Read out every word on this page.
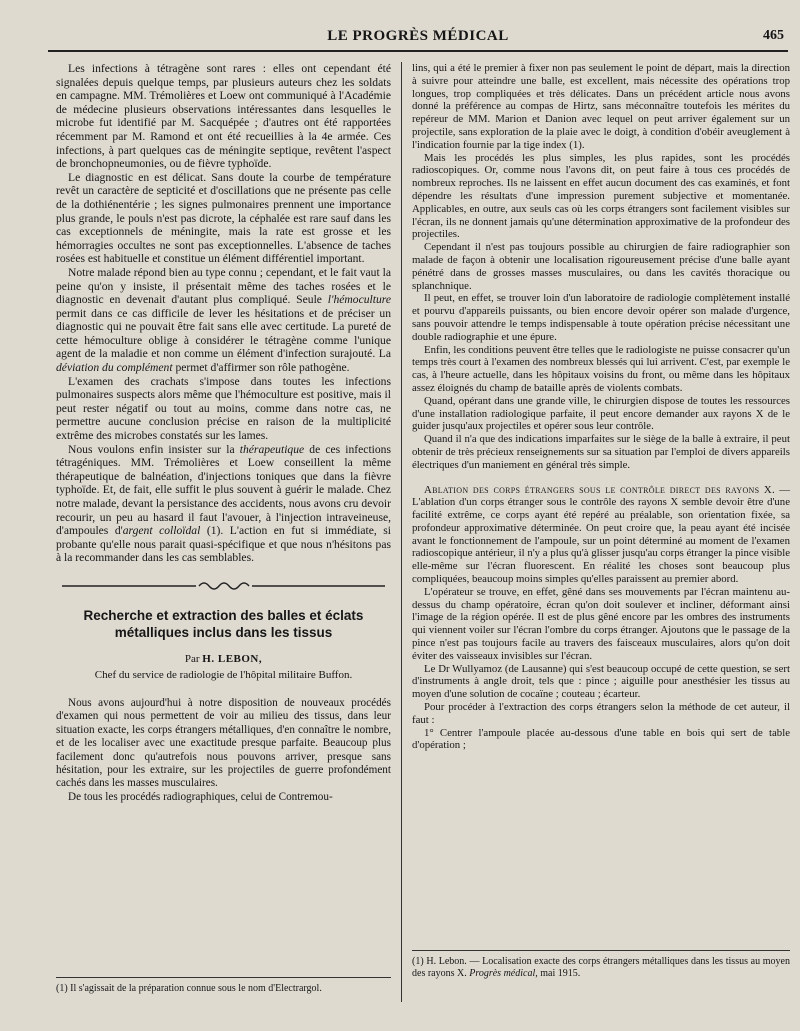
LE PROGRÈS MÉDICAL	465

Les infections à tétragène sont rares : elles ont cependant été signalées depuis quelque temps, par plusieurs auteurs chez les soldats en campagne. MM. Trémolières et Loew ont communiqué à l'Académie de médecine plusieurs observations intéressantes dans lesquelles le microbe fut identifié par M. Sacquépée ; d'autres ont été rapportées récemment par M. Ramond et ont été recueillies à la 4e armée. Ces infections, à part quelques cas de méningite septique, revêtent l'aspect de bronchopneumonies, ou de fièvre typhoïde.

Le diagnostic en est délicat. Sans doute la courbe de température revêt un caractère de septicité et d'oscillations que ne présente pas celle de la dothiénentérie ; les signes pulmonaires prennent une importance plus grande, le pouls n'est pas dicrote, la céphalée est rare sauf dans les cas exceptionnels de méningite, mais la rate est grosse et les hémorragies occultes ne sont pas exceptionnelles. L'absence de taches rosées est habituelle et constitue un élément différentiel important.

Notre malade répond bien au type connu ; cependant, et le fait vaut la peine qu'on y insiste, il présentait même des taches rosées et le diagnostic en devenait d'autant plus compliqué. Seule l'hémoculture permit dans ce cas difficile de lever les hésitations et de préciser un diagnostic qui ne pouvait être fait sans elle avec certitude. La pureté de cette hémoculture oblige à considérer le tétragène comme l'unique agent de la maladie et non comme un élément d'infection surajouté. La déviation du complément permet d'affirmer son rôle pathogène.

L'examen des crachats s'impose dans toutes les infections pulmonaires suspects alors même que l'hémoculture est positive, mais il peut rester négatif ou tout au moins, comme dans notre cas, ne permettre aucune conclusion précise en raison de la multiplicité extrême des microbes constatés sur les lames.

Nous voulons enfin insister sur la thérapeutique de ces infections tétragéniques. MM. Trémolières et Loew conseillent la même thérapeutique de balnéation, d'injections toniques que dans la fièvre typhoïde. Et, de fait, elle suffit le plus souvent à guérir le malade. Chez notre malade, devant la persistance des accidents, nous avons cru devoir recourir, un peu au hasard il faut l'avouer, à l'injection intraveineuse, d'ampoules d'argent colloïdal (1). L'action en fut si immédiate, si probante qu'elle nous parait quasi-spécifique et que nous n'hésitons pas à la recommander dans les cas semblables.

Recherche et extraction des balles et éclats
métalliques inclus dans les tissus
Par H. LEBON,
Chef du service de radiologie de l'hôpital militaire Buffon.

Nous avons aujourd'hui à notre disposition de nouveaux procédés d'examen qui nous permettent de voir au milieu des tissus, dans leur situation exacte, les corps étrangers métalliques, d'en connaître le nombre, et de les localiser avec une exactitude presque parfaite. Beaucoup plus facilement donc qu'autrefois nous pouvons arriver, presque sans hésitation, pour les extraire, sur les projectiles de guerre profondément cachés dans les masses musculaires.

De tous les procédés radiographiques, celui de Contremou-

(1) Il s'agissait de la préparation connue sous le nom d'Electrargol.

lins, qui a été le premier à fixer non pas seulement le point de départ, mais la direction à suivre pour atteindre une balle, est excellent, mais nécessite des opérations trop longues, trop compliquées et très délicates. Dans un précédent article nous avons donné la préférence au compas de Hirtz, sans méconnaître toutefois les mérites du repéreur de MM. Marion et Danion avec lequel on peut arriver également sur un projectile, sans exploration de la plaie avec le doigt, à condition d'obéir aveuglement à l'indication fournie par la tige index (1).

Mais les procédés les plus simples, les plus rapides, sont les procédés radioscopiques. Or, comme nous l'avons dit, on peut faire à tous ces procédés de nombreux reproches. Ils ne laissent en effet aucun document des cas examinés, et font dépendre les résultats d'une impression purement subjective et momentanée. Applicables, en outre, aux seuls cas où les corps étrangers sont facilement visibles sur l'écran, ils ne donnent jamais qu'une détermination approximative de la profondeur des projectiles.

Cependant il n'est pas toujours possible au chirurgien de faire radiographier son malade de façon à obtenir une localisation rigoureusement précise d'une balle ayant pénétré dans de grosses masses musculaires, ou dans les cavités thoracique ou splanchnique.

Il peut, en effet, se trouver loin d'un laboratoire de radiologie complètement installé et pourvu d'appareils puissants, ou bien encore devoir opérer son malade d'urgence, sans pouvoir attendre le temps indispensable à toute opération précise nécessitant une double radiographie et une épure.

Enfin, les conditions peuvent être telles que le radiologiste ne puisse consacrer qu'un temps très court à l'examen des nombreux blessés qui lui arrivent. C'est, par exemple le cas, à l'heure actuelle, dans les hôpitaux voisins du front, ou même dans les hôpitaux assez éloignés du champ de bataille après de violents combats.

Quand, opérant dans une grande ville, le chirurgien dispose de toutes les ressources d'une installation radiologique parfaite, il peut encore demander aux rayons X de le guider jusqu'aux projectiles et opérer sous leur contrôle.

Quand il n'a que des indications imparfaites sur le siège de la balle à extraire, il peut obtenir de très précieux renseignements sur sa situation par l'emploi de divers appareils électriques d'un maniement en général très simple.

Ablation des corps étrangers sous le contrôle direct des rayons X. — L'ablation d'un corps étranger sous le contrôle des rayons X semble devoir être d'une facilité extrême, ce corps ayant été repéré au préalable, son orientation fixée, sa profondeur approximative déterminée. On peut croire que, la peau ayant été incisée avant le fonctionnement de l'ampoule, sur un point déterminé au moment de l'examen radioscopique antérieur, il n'y a plus qu'à glisser jusqu'au corps étranger la pince visible elle-même sur l'écran fluorescent. En réalité les choses sont beaucoup plus compliquées, beaucoup moins simples qu'elles paraissent au premier abord.

L'opérateur se trouve, en effet, gêné dans ses mouvements par l'écran maintenu au-dessus du champ opératoire, écran qu'on doit soulever et incliner, déformant ainsi l'image de la région opérée. Il est de plus gêné encore par les ombres des instruments qui viennent voiler sur l'écran l'ombre du corps étranger. Ajoutons que le passage de la pince n'est pas toujours facile au travers des faisceaux musculaires, alors qu'on doit éviter des vaisseaux invisibles sur l'écran.

Le Dr Wullyamoz (de Lausanne) qui s'est beaucoup occupé de cette question, se sert d'instruments à angle droit, tels que : pince ; aiguille pour anesthésier les tissus au moyen d'une solution de cocaïne ; couteau ; écarteur.

Pour procéder à l'extraction des corps étrangers selon la méthode de cet auteur, il faut :

1° Centrer l'ampoule placée au-dessous d'une table en bois qui sert de table d'opération ;

(1) H. Lebon. — Localisation exacte des corps étrangers métalliques dans les tissus au moyen des rayons X. Progrès médical, mai 1915.
